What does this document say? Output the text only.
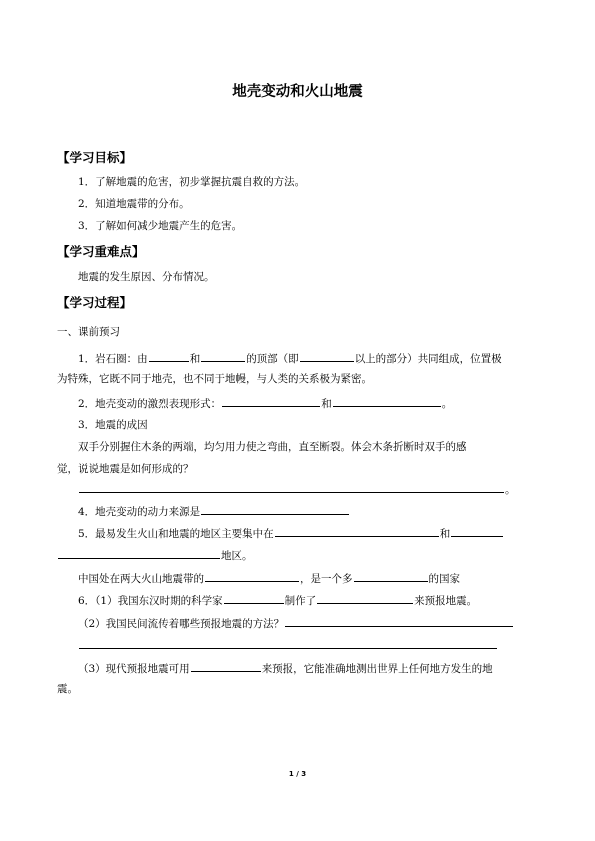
地壳变动和火山地震
【学习目标】
1．了解地震的危害，初步掌握抗震自救的方法。
2．知道地震带的分布。
3．了解如何减少地震产生的危害。
【学习重难点】
地震的发生原因、分布情况。
【学习过程】
一、课前预习
1．岩石圈：由	和	的顶部（即	以上的部分）共同组成，位置极
为特殊，它既不同于地壳，也不同于地幔，与人类的关系极为紧密。
2．地壳变动的激烈表现形式：	和	。
3．地震的成因
双手分别握住木条的两端，均匀用力使之弯曲，直至断裂。体会木条折断时双手的感
觉，说说地震是如何形成的？
。
4．地壳变动的动力来源是
5．最易发生火山和地震的地区主要集中在	和
地区。
中国处在两大火山地震带的	，是一个多	的国家
6．（1）我国东汉时期的科学家	制作了	来预报地震。
（2）我国民间流传着哪些预报地震的方法？
（3）现代预报地震可用	来预报，它能准确地测出世界上任何地方发生的地
震。
1 / 3
